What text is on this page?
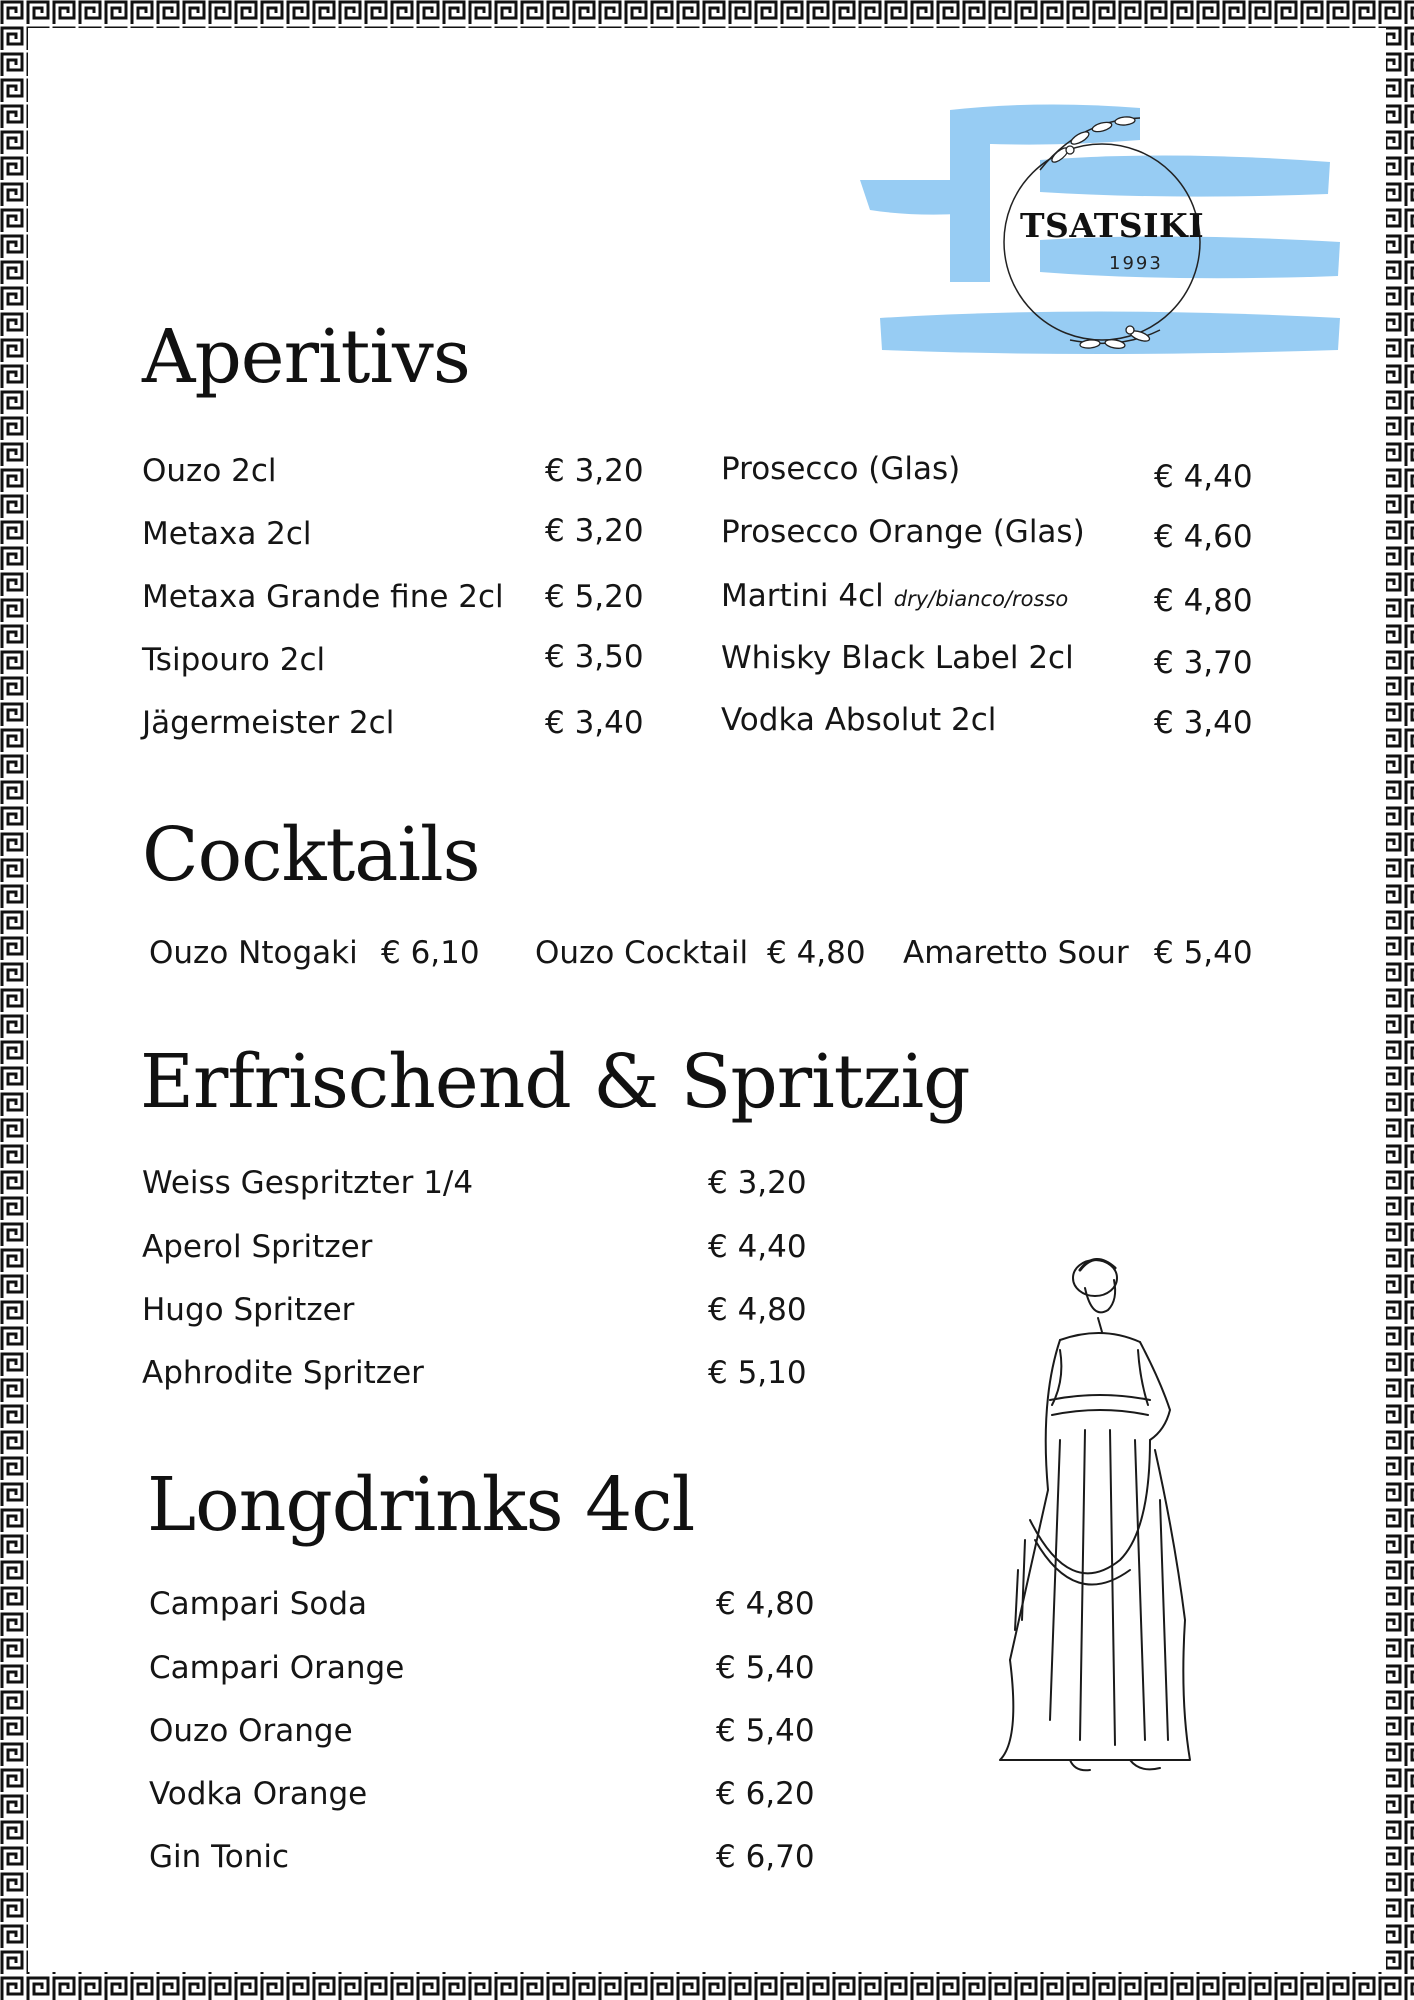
TSATSIKI
1993
Aperitivs
Ouzo 2cl	€ 3,20
Metaxa 2cl	€ 3,20
Metaxa Grande fine 2cl € 5,20
Tsipouro 2cl	€ 3,50
Jägermeister 2cl	€ 3,40
Prosecco (Glas)	€ 4,40
Prosecco Orange (Glas) € 4,60
Martini 4cl dry/bianco/rosso	€ 4,80
Whisky Black Label 2cl	€ 3,70
Vodka Absolut 2cl	€ 3,40
Cocktails
Ouzo Ntogaki € 6,10 Ouzo Cocktail € 4,80 Amaretto Sour € 5,40
Erfrischend & Spritzig
Weiss Gespritzter 1/4	€ 3,20
Aperol Spritzer	€ 4,40
Hugo Spritzer	€ 4,80
Aphrodite Spritzer	€ 5,10
Longdrinks 4cl
Campari Soda	€ 4,80
Campari Orange	€ 5,40
Ouzo Orange	€ 5,40
Vodka Orange	€ 6,20
Gin Tonic	€ 6,70
